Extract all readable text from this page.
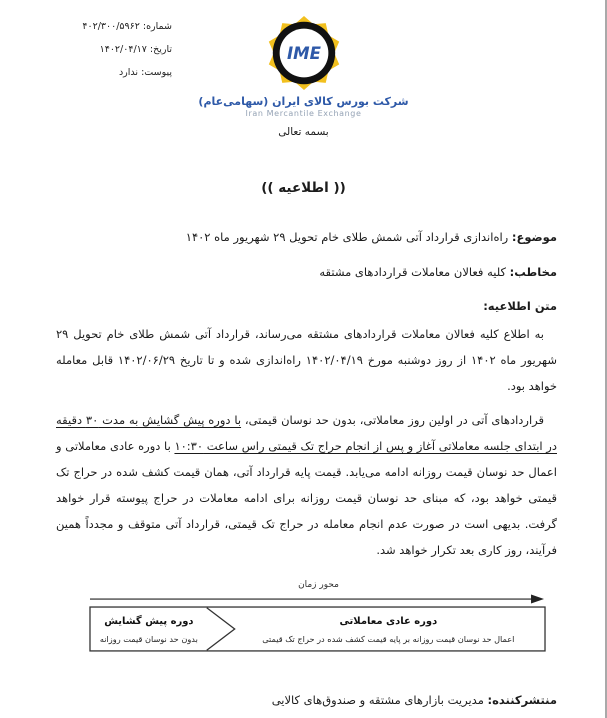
شماره: ۴۰۲/۳۰۰/۵۹۶۲
تاریخ: ۱۴۰۲/۰۴/۱۷
پیوست: ندارد
IME
شرکت بورس کالای ایران (سهامی‌عام)
Iran Mercantile Exchange
بسمه تعالی
(( اطلاعیه ))
موضوع: راه‌اندازی قرارداد آتی شمش طلای خام تحویل ۲۹ شهریور ماه ۱۴۰۲
مخاطب: کلیه فعالان معاملات قراردادهای مشتقه
متن اطلاعیه:

به اطلاع کلیه فعالان معاملات قراردادهای مشتقه می‌رساند، قرارداد آتی شمش طلای خام تحویل ۲۹ شهریور ماه ۱۴۰۲ از روز دوشنبه مورخ ۱۴۰۲/۰۴/۱۹ راه‌اندازی شده و تا تاریخ ۱۴۰۲/۰۶/۲۹ قابل معامله خواهد بود.

قراردادهای آتی در اولین روز معاملاتی، بدون حد نوسان قیمتی، با دوره پیش گشایش به مدت ۳۰ دقیقه در ابتدای جلسه معاملاتی آغاز و پس از انجام حراج تک قیمتی راس ساعت ۱۰:۳۰ با دوره عادی معاملاتی و اعمال حد نوسان قیمت روزانه ادامه می‌یابد. قیمت پایه قرارداد آتی، همان قیمت کشف شده در حراج تک قیمتی خواهد بود، که مبنای حد نوسان قیمت روزانه برای ادامه معاملات در حراج پیوسته قرار خواهد گرفت. بدیهی است در صورت عدم انجام معامله در حراج تک قیمتی، قرارداد آتی متوقف و مجدداً همین فرآیند، روز کاری بعد تکرار خواهد شد.

محور زمان
دوره پیش گشایش
بدون حد نوسان قیمت روزانه
دوره عادی معاملاتی
اعمال حد نوسان قیمت روزانه بر پایه قیمت کشف شده در حراج تک قیمتی
منتشرکننده: مدیریت بازارهای مشتقه و صندوق‌های کالایی
